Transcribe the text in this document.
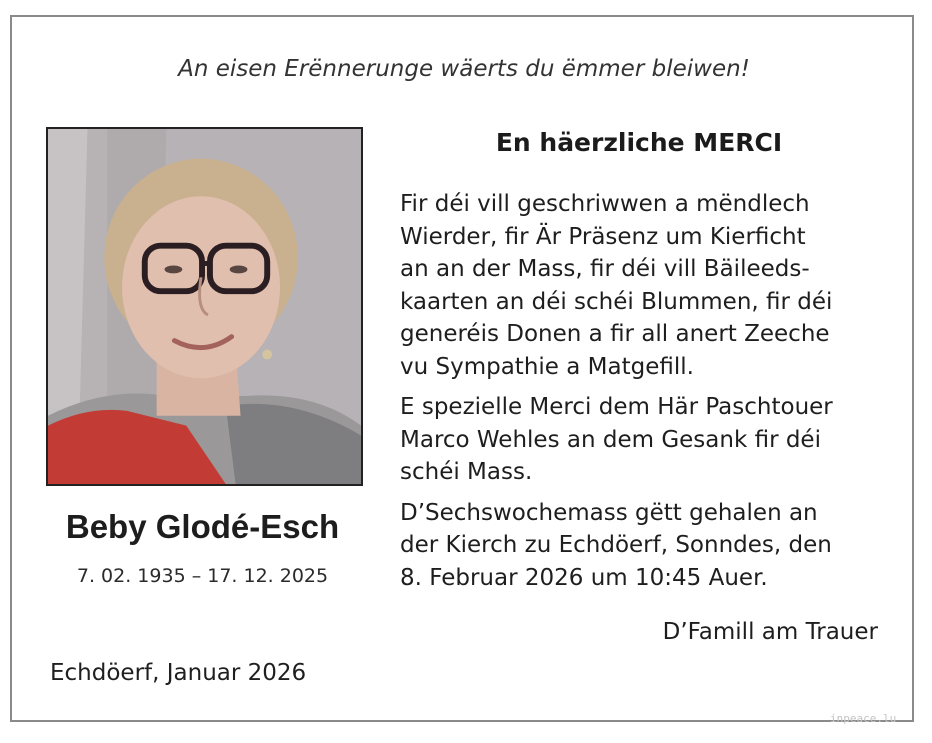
An eisen Erënnerunge wäerts du ëmmer bleiwen!
Beby Glodé-Esch
7. 02. 1935 – 17. 12. 2025
Echdöerf, Januar 2026
En häerzliche MERCI

Fir déi vill geschriwwen a mëndlech
Wierder, fir Är Präsenz um Kierficht
an an der Mass, fir déi vill Bäileeds-
kaarten an déi schéi Blummen, fir déi
generéis Donen a fir all anert Zeeche
vu Sympathie a Matgefill.

E spezielle Merci dem Här Paschtouer
Marco Wehles an dem Gesank fir déi
schéi Mass.

D’Sechswochemass gëtt gehalen an
der Kierch zu Echdöerf, Sonndes, den
8. Februar 2026 um 10:45 Auer.

D’Famill am Trauer
inpeace.lu
